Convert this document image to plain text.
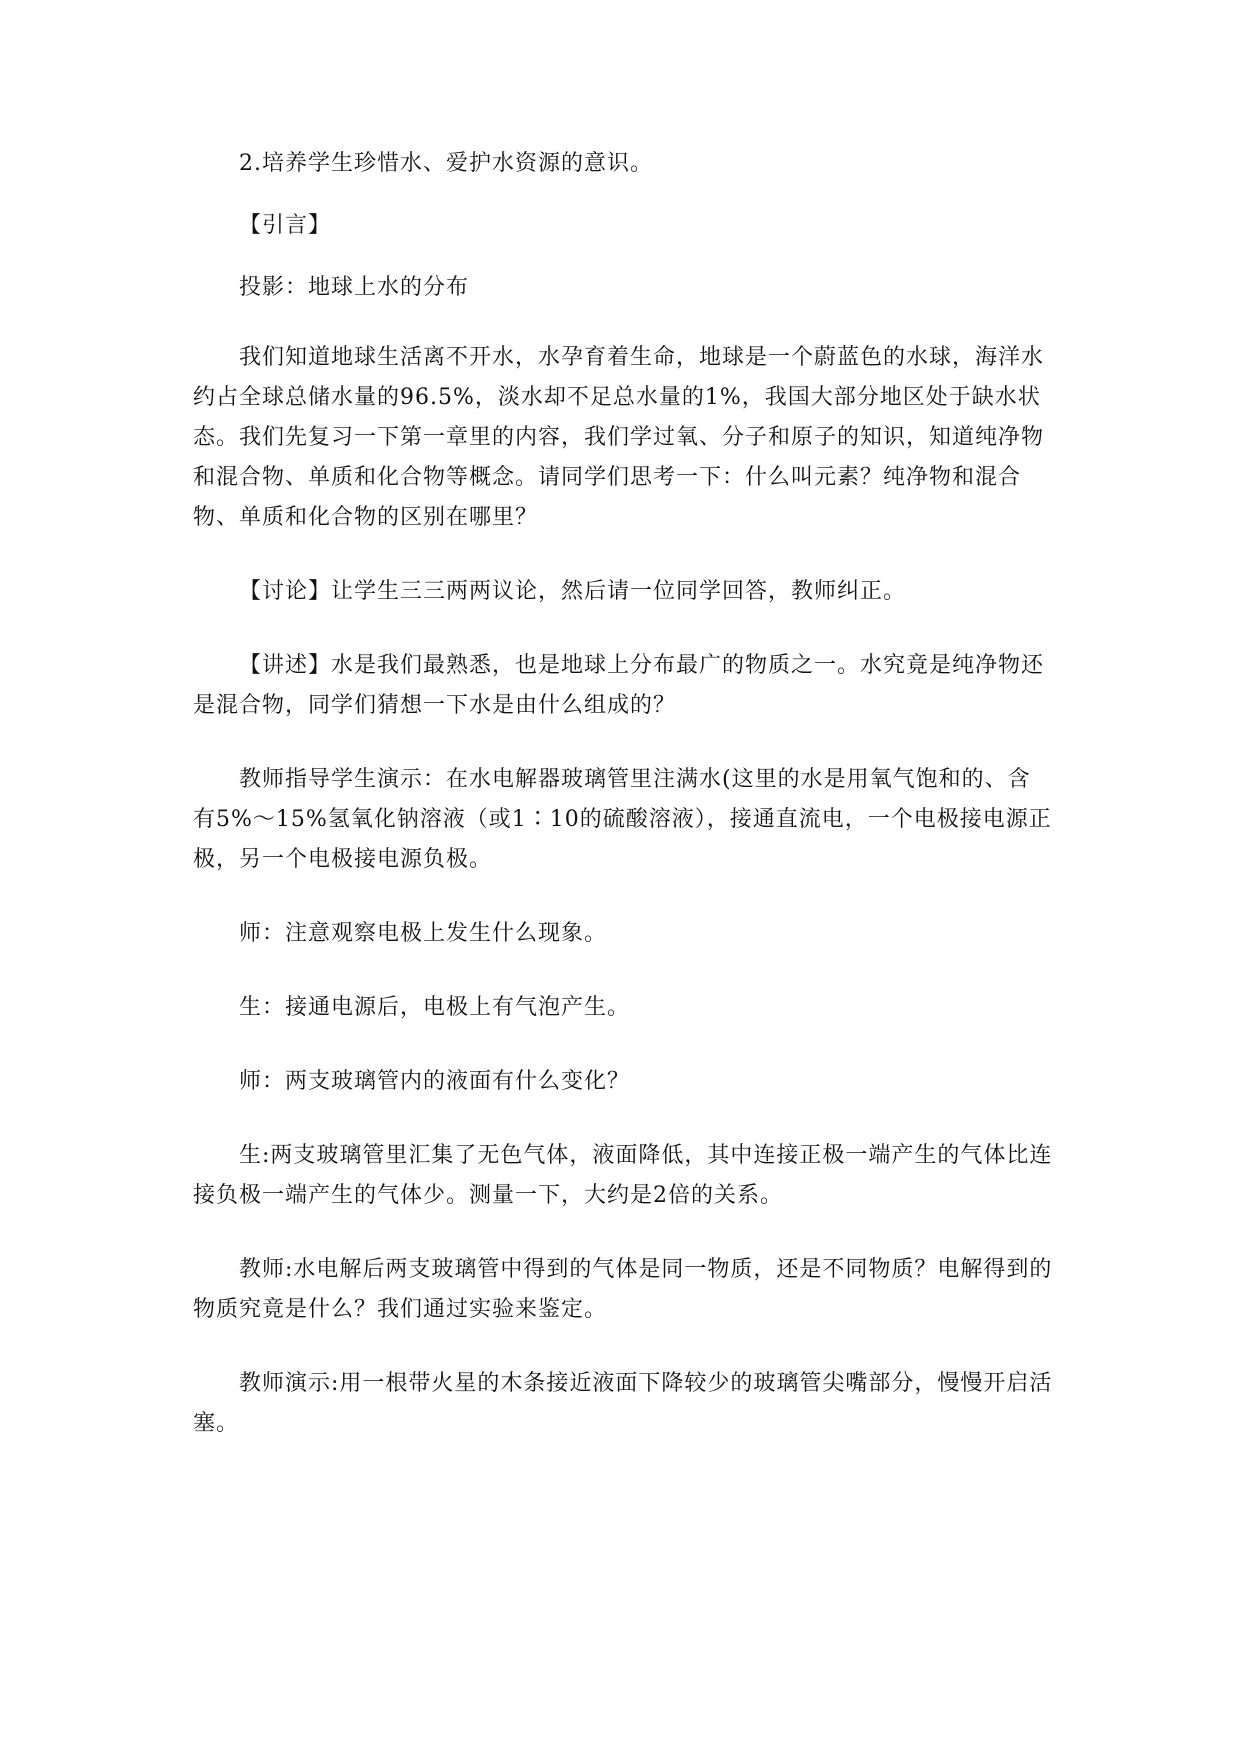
2.培养学生珍惜水、爱护水资源的意识。

【引言】

投影：地球上水的分布

我们知道地球生活离不开水，水孕育着生命，地球是一个蔚蓝色的水球，海洋水约占全球总储水量的96.5%，淡水却不足总水量的1%，我国大部分地区处于缺水状态。我们先复习一下第一章里的内容，我们学过氧、分子和原子的知识，知道纯净物和混合物、单质和化合物等概念。请同学们思考一下：什么叫元素？纯净物和混合物、单质和化合物的区别在哪里？

【讨论】让学生三三两两议论，然后请一位同学回答，教师纠正。

【讲述】水是我们最熟悉，也是地球上分布最广的物质之一。水究竟是纯净物还是混合物，同学们猜想一下水是由什么组成的？

教师指导学生演示：在水电解器玻璃管里注满水(这里的水是用氧气饱和的、含有5%～15%氢氧化钠溶液（或1∶10的硫酸溶液），接通直流电，一个电极接电源正极，另一个电极接电源负极。

师：注意观察电极上发生什么现象。

生：接通电源后，电极上有气泡产生。

师：两支玻璃管内的液面有什么变化？

生:两支玻璃管里汇集了无色气体，液面降低，其中连接正极一端产生的气体比连接负极一端产生的气体少。测量一下，大约是2倍的关系。

教师:水电解后两支玻璃管中得到的气体是同一物质，还是不同物质？电解得到的物质究竟是什么？我们通过实验来鉴定。

教师演示:用一根带火星的木条接近液面下降较少的玻璃管尖嘴部分，慢慢开启活塞。
